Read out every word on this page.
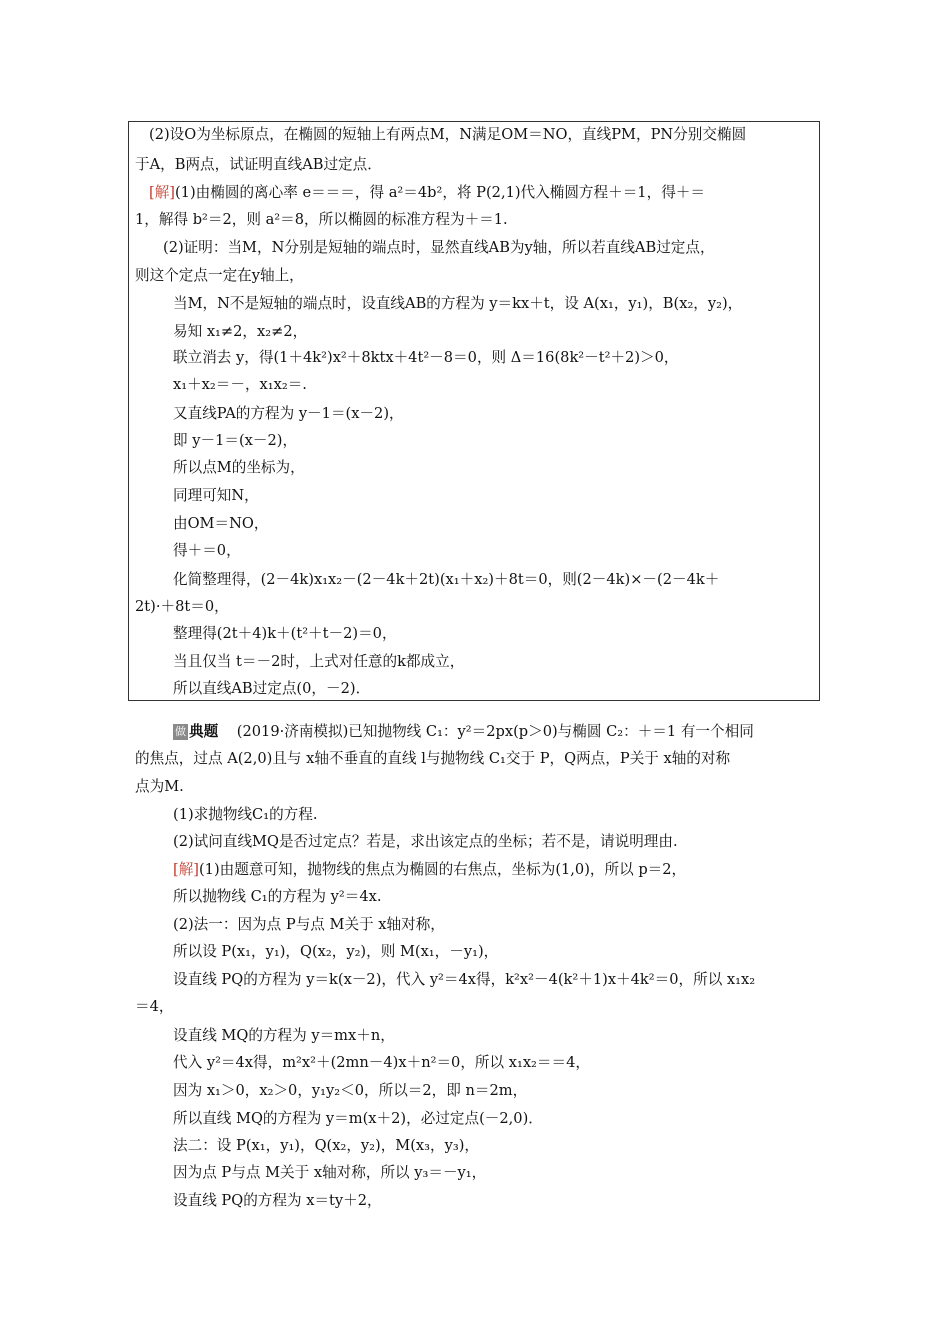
(2)设O为坐标原点，在椭圆的短轴上有两点M，N满足OM＝NO，直线PM，PN分别交椭圆
于A，B两点，试证明直线AB过定点．
[解](1)由椭圆的离心率 e＝＝＝，得 a²＝4b²，将 P(2,1)代入椭圆方程＋＝1，得＋＝
1，解得 b²＝2，则 a²＝8，所以椭圆的标准方程为＋＝1.
(2)证明：当M，N分别是短轴的端点时，显然直线AB为y轴，所以若直线AB过定点，
则这个定点一定在y轴上，
当M，N不是短轴的端点时，设直线AB的方程为 y＝kx＋t，设 A(x₁，y₁)，B(x₂，y₂)，
易知 x₁≠2，x₂≠2，
联立消去 y，得(1＋4k²)x²＋8ktx＋4t²－8＝0，则 Δ＝16(8k²－t²＋2)＞0，
x₁＋x₂＝－，x₁x₂＝.
又直线PA的方程为 y－1＝(x－2)，
即 y－1＝(x－2)，
所以点M的坐标为，
同理可知N，
由OM＝NO，
得＋＝0，
化简整理得，(2－4k)x₁x₂－(2－4k＋2t)(x₁＋x₂)＋8t＝0，则(2－4k)×－(2－4k＋
2t)·＋8t＝0，
整理得(2t＋4)k＋(t²＋t－2)＝0，
当且仅当 t＝－2时，上式对任意的k都成立，
所以直线AB过定点(0，－2)．
做 典题 (2019·济南模拟)已知抛物线 C₁：y²＝2px(p＞0)与椭圆 C₂：＋＝1 有一个相同
的焦点，过点 A(2,0)且与 x轴不垂直的直线 l与抛物线 C₁交于 P，Q两点，P关于 x轴的对称
点为M.
(1)求抛物线C₁的方程.
(2)试问直线MQ是否过定点？若是，求出该定点的坐标；若不是，请说明理由.
[解](1)由题意可知，抛物线的焦点为椭圆的右焦点，坐标为(1,0)，所以 p＝2，
所以抛物线 C₁的方程为 y²＝4x.
(2)法一：因为点 P与点 M关于 x轴对称，
所以设 P(x₁，y₁)，Q(x₂，y₂)，则 M(x₁，－y₁)，
设直线 PQ的方程为 y＝k(x－2)，代入 y²＝4x得，k²x²－4(k²＋1)x＋4k²＝0，所以 x₁x₂
＝4，
设直线 MQ的方程为 y＝mx＋n，
代入 y²＝4x得，m²x²＋(2mn－4)x＋n²＝0，所以 x₁x₂＝＝4，
因为 x₁＞0，x₂＞0，y₁y₂＜0，所以＝2，即 n＝2m，
所以直线 MQ的方程为 y＝m(x＋2)，必过定点(－2,0)．
法二：设 P(x₁，y₁)，Q(x₂，y₂)，M(x₃，y₃)，
因为点 P与点 M关于 x轴对称，所以 y₃＝－y₁，
设直线 PQ的方程为 x＝ty＋2，
